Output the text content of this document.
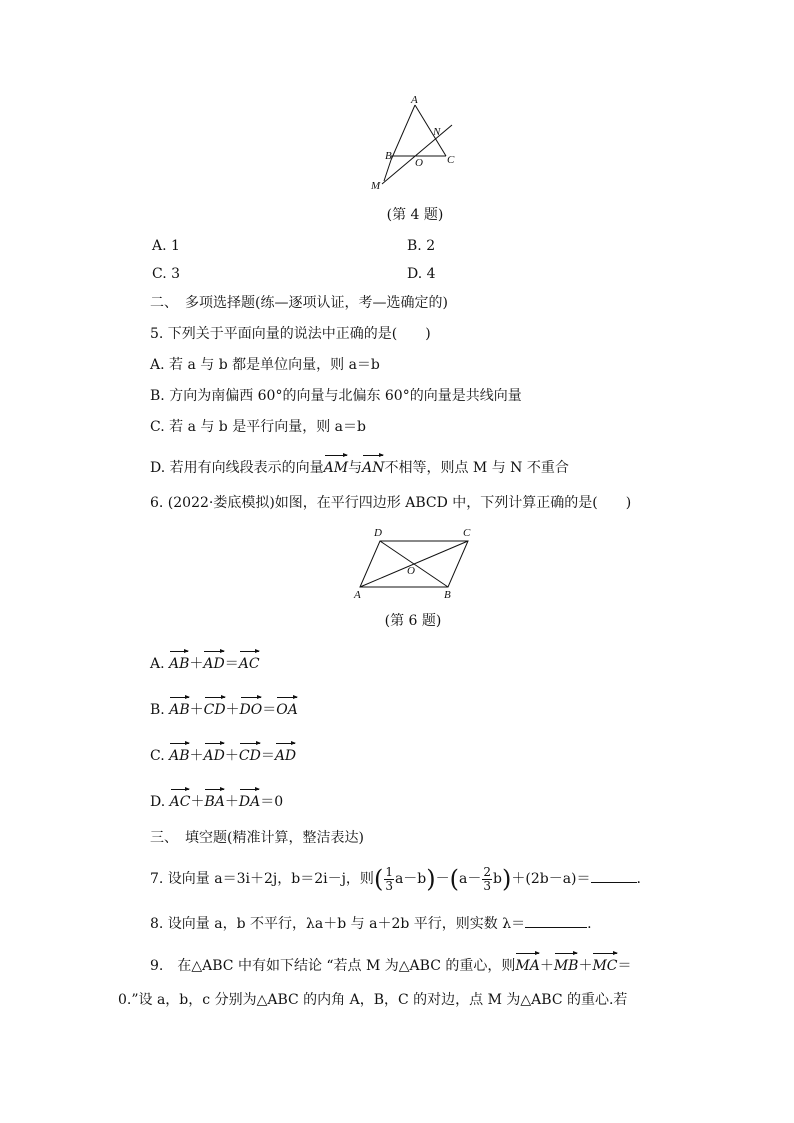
A
N
B
O C
M
(第 4 题)
A. 1	B. 2
C. 3	D. 4
二、　多项选择题(练—逐项认证，考—选确定的)
5. 下列关于平面向量的说法中正确的是(　　)
A. 若 a 与 b 都是单位向量，则 a＝b
B. 方向为南偏西 60°的向量与北偏东 60°的向量是共线向量
C. 若 a 与 b 是平行向量，则 a＝b
D. 若用有向线段表示的向量AM与AN不相等，则点 M 与 N 不重合
6. (2022·娄底模拟)如图，在平行四边形 ABCD 中，下列计算正确的是(　　)
D	C
O
A	B
(第 6 题)
A. AB＋AD＝AC
B. AB＋CD＋DO＝OA
C. AB＋AD＋CD＝AD
D. AC＋BA＋DA＝0
三、　填空题(精准计算，整洁表达)
7. 设向量 a＝3i＋2j，b＝2i－j，则( $\frac{1}{3} a-b)-(a- \frac{2}{3} b)+(2b-a)=$	.
8. 设向量 a，b 不平行，λa＋b 与 a＋2b 平行，则实数 λ＝	.
9.　在△ABC 中有如下结论 “若点 M 为△ABC 的重心，则MA＋MB＋MC＝
0.”设 a，b，c 分别为△ABC 的内角 A，B，C 的对边，点 M 为△ABC 的重心.若
